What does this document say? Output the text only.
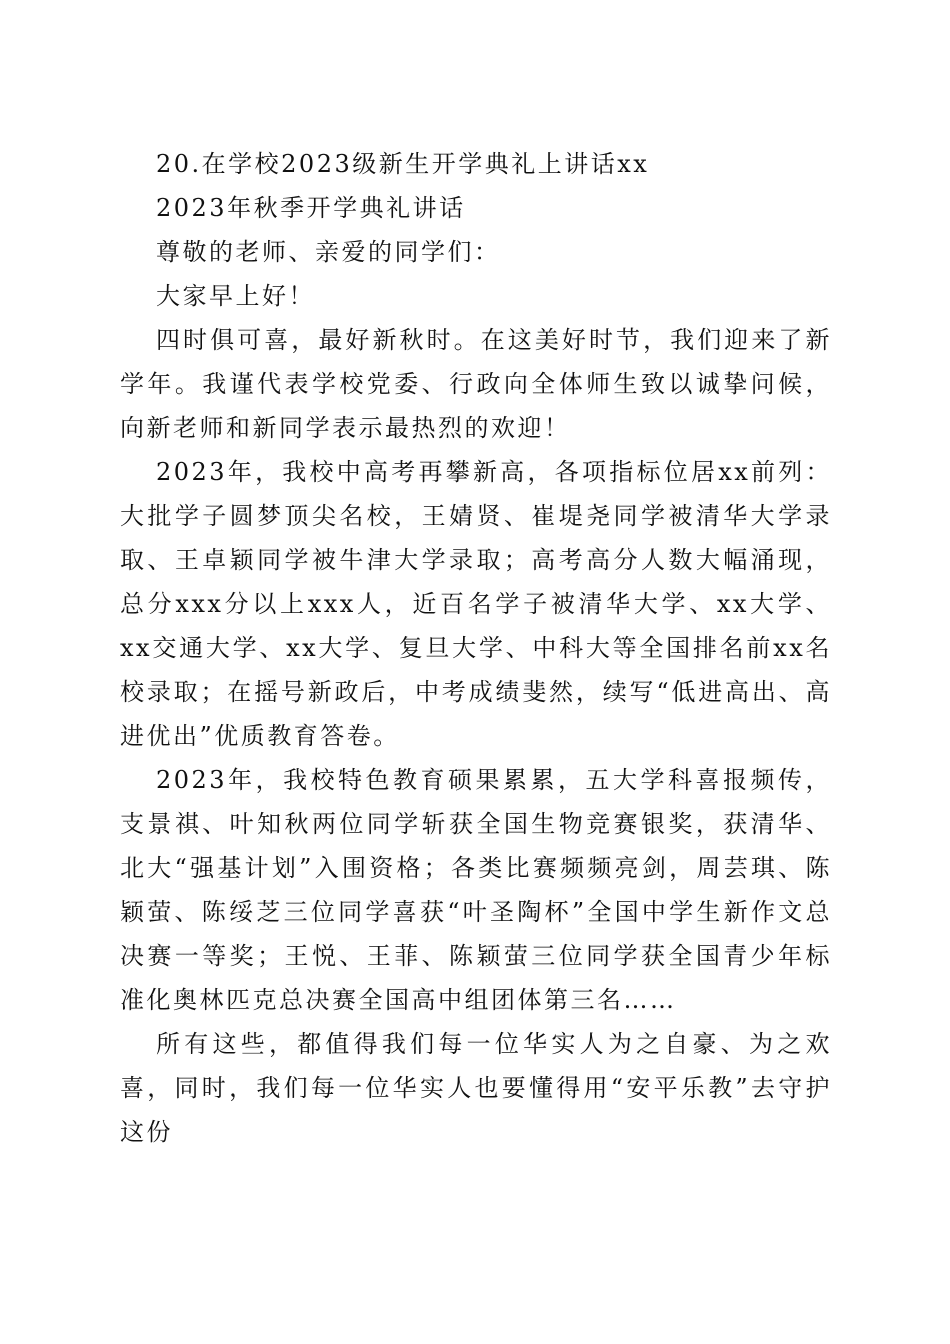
20.在学校2023级新生开学典礼上讲话xx

2023年秋季开学典礼讲话

尊敬的老师、亲爱的同学们：

大家早上好！

四时俱可喜，最好新秋时。在这美好时节，我们迎来了新学年。我谨代表学校党委、行政向全体师生致以诚挚问候，向新老师和新同学表示最热烈的欢迎！

2023年，我校中高考再攀新高，各项指标位居xx前列：大批学子圆梦顶尖名校，王婧贤、崔堤尧同学被清华大学录取、王卓颖同学被牛津大学录取；高考高分人数大幅涌现，总分xxx分以上xxx人，近百名学子被清华大学、xx大学、xx交通大学、xx大学、复旦大学、中科大等全国排名前xx名校录取；在摇号新政后，中考成绩斐然，续写“低进高出、高进优出”优质教育答卷。

2023年，我校特色教育硕果累累，五大学科喜报频传，支景祺、叶知秋两位同学斩获全国生物竞赛银奖，获清华、北大“强基计划”入围资格；各类比赛频频亮剑，周芸琪、陈颖萤、陈绥芝三位同学喜获“叶圣陶杯”全国中学生新作文总决赛一等奖；王悦、王菲、陈颖萤三位同学获全国青少年标准化奥林匹克总决赛全国高中组团体第三名……

所有这些，都值得我们每一位华实人为之自豪、为之欢喜，同时，我们每一位华实人也要懂得用“安平乐教”去守护这份
